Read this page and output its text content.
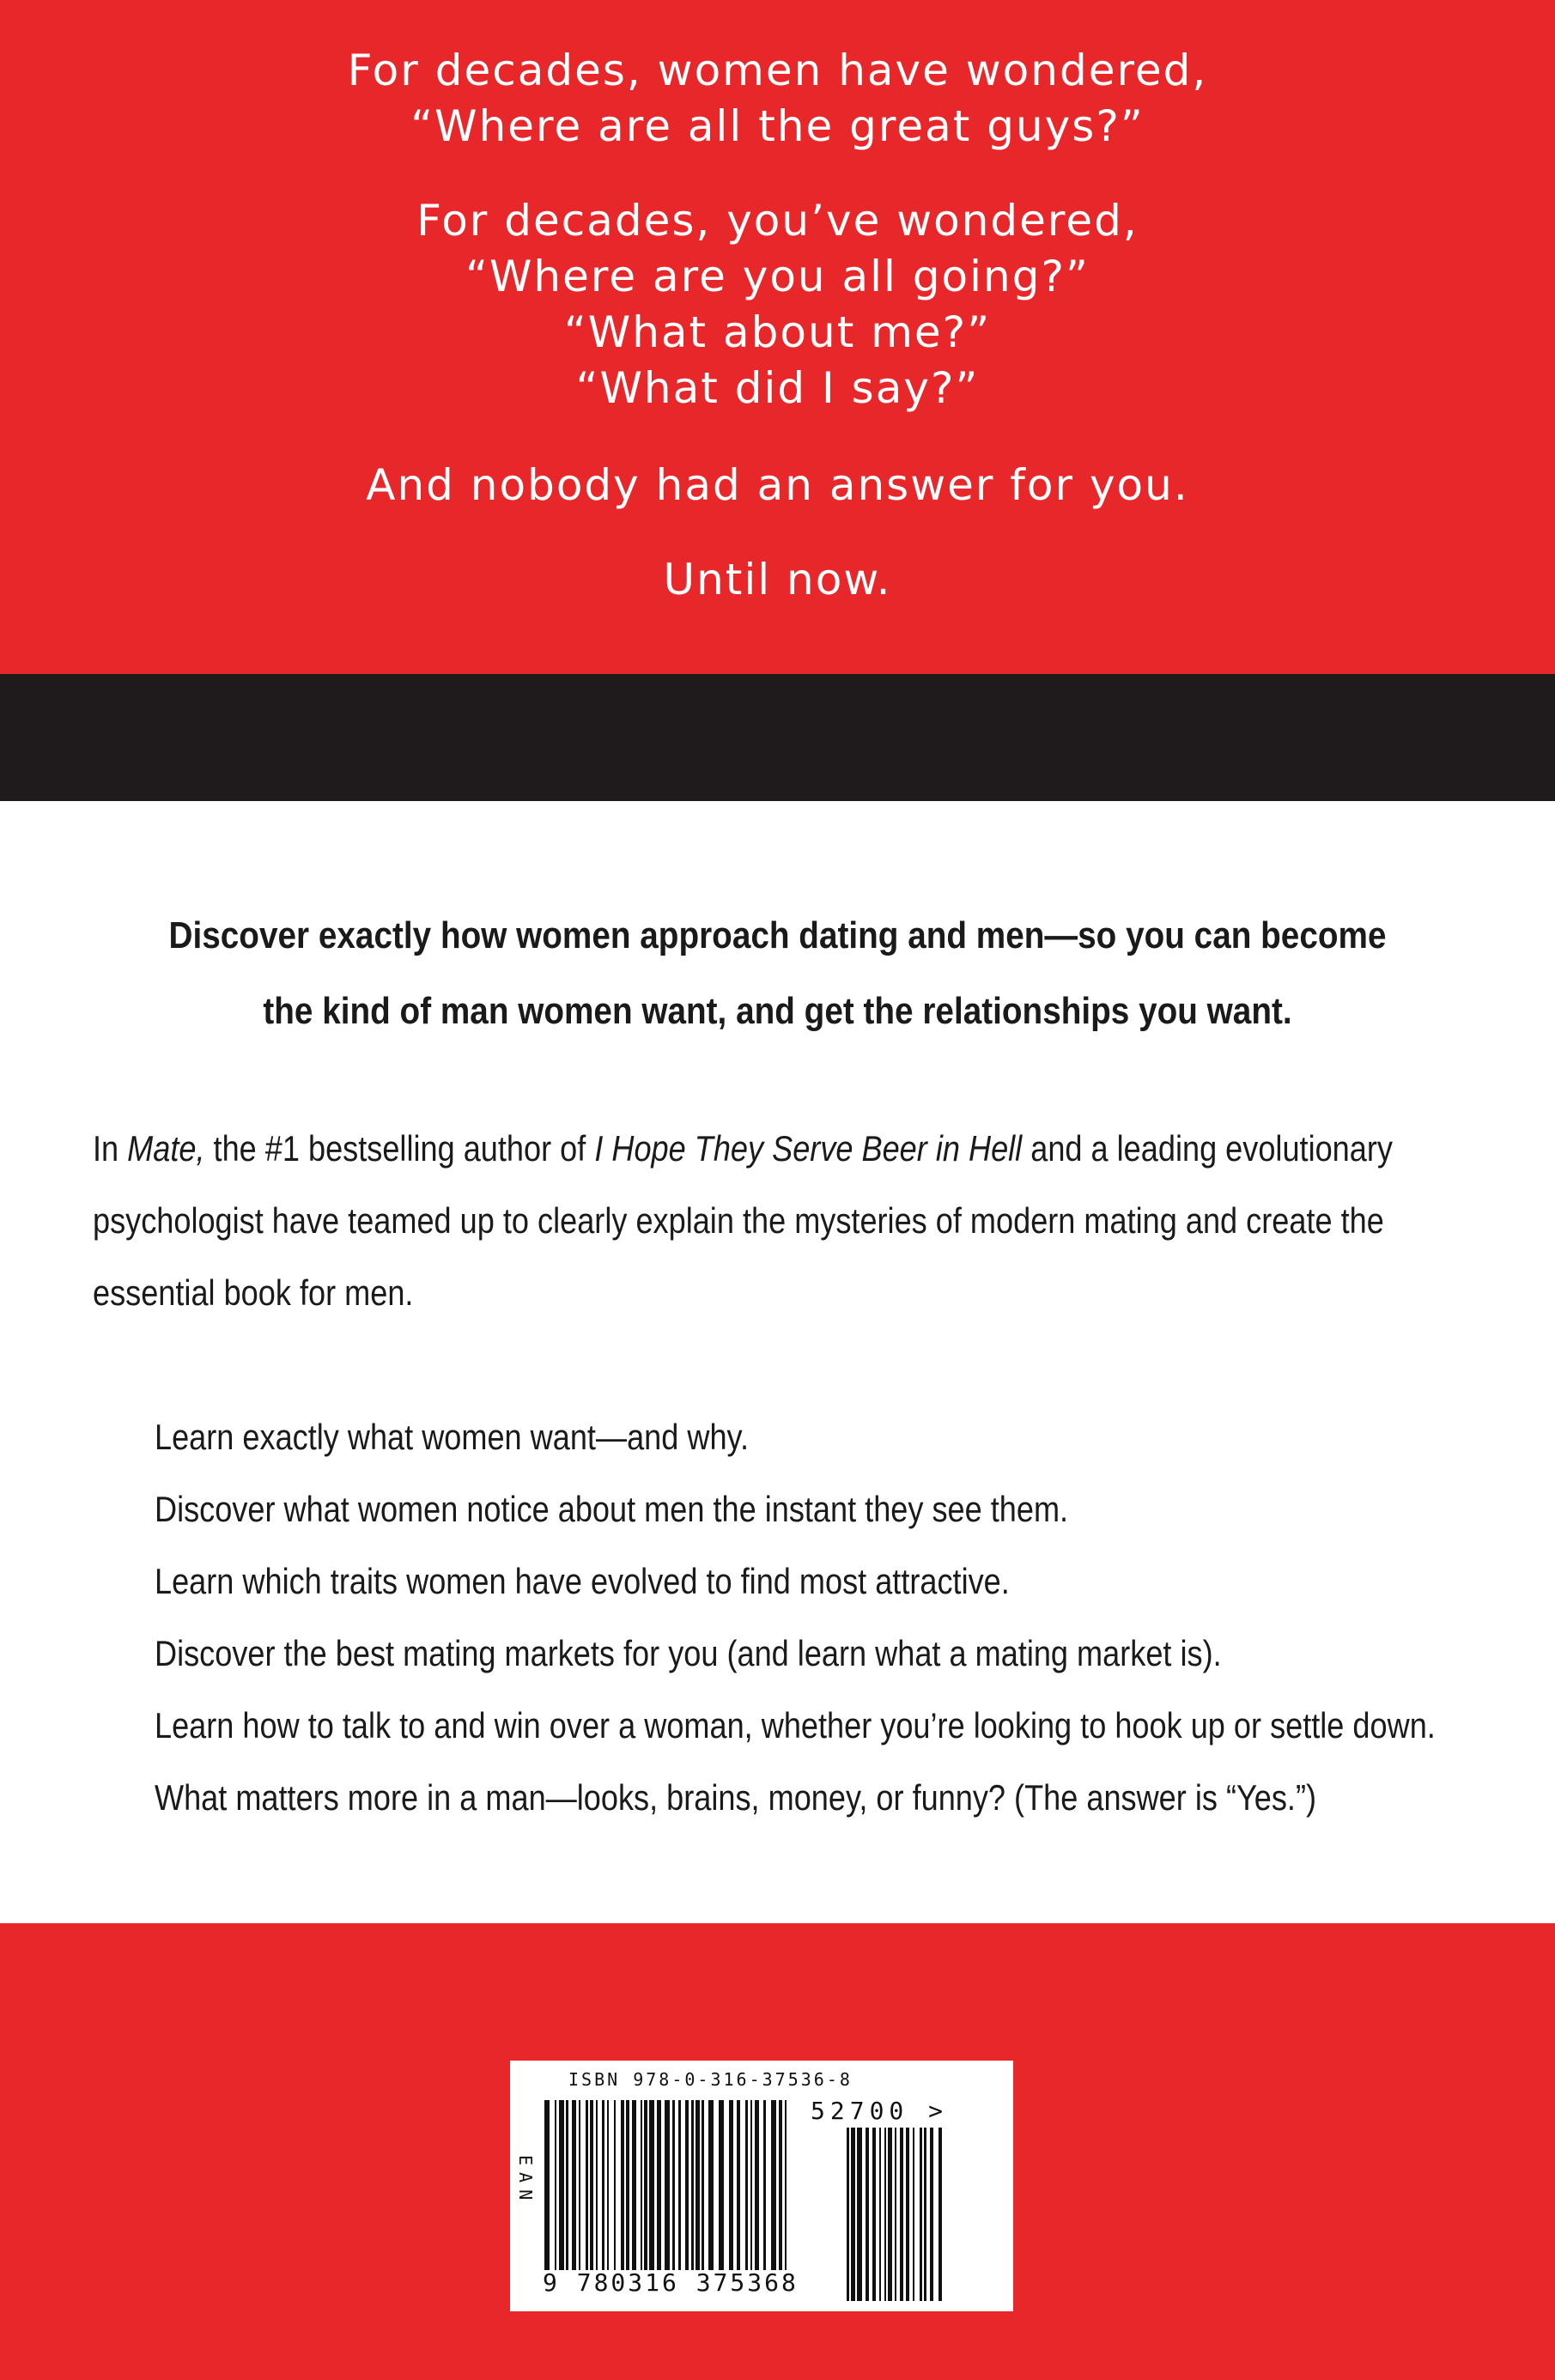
For decades, women have wondered,

“Where are all the great guys?”

For decades, you’ve wondered,

“Where are you all going?”

“What about me?”

“What did I say?”

And nobody had an answer for you.

Until now.

Discover exactly how women approach dating and men—so you can become
the kind of man women want, and get the relationships you want.
In Mate, the #1 bestselling author of I Hope They Serve Beer in Hell and a leading evolutionary
psychologist have teamed up to clearly explain the mysteries of modern mating and create the
essential book for men.
Learn exactly what women want—and why.
Discover what women notice about men the instant they see them.
Learn which traits women have evolved to find most attractive.
Discover the best mating markets for you (and learn what a mating market is).
Learn how to talk to and win over a woman, whether you’re looking to hook up or settle down.
What matters more in a man—looks, brains, money, or funny? (The answer is “Yes.”)
ISBN 978-0-316-37536-8
52700 >
EAN
9 780316 375368
